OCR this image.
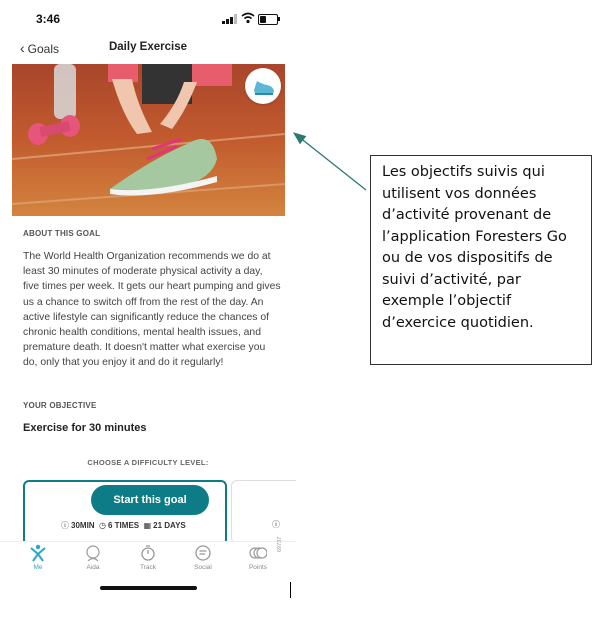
3:46
‹ Goals	Daily Exercise
ABOUT THIS GOAL
The World Health Organization recommends we do at least 30 minutes of moderate physical activity a day, five times per week. It gets our heart pumping and gives us a chance to switch off from the rest of the day. An active lifestyle can significantly reduce the chances of chronic health conditions, mental health issues, and premature death. It doesn't matter what exercise you do, only that you enjoy it and do it regularly!
YOUR OBJECTIVE
Exercise for 30 minutes
CHOOSE A DIFFICULTY LEVEL:
Start this goal
ⓘ 30MIN ◷ 6 TIMES ▦ 21 DAYS	ⓘ
Me	Aida	Track	Social	Points
69737
Les objectifs suivis qui utilisent vos données d’activité provenant de l’application Foresters Go ou de vos dispositifs de suivi d’activité, par exemple l’objectif d’exercice quotidien.
